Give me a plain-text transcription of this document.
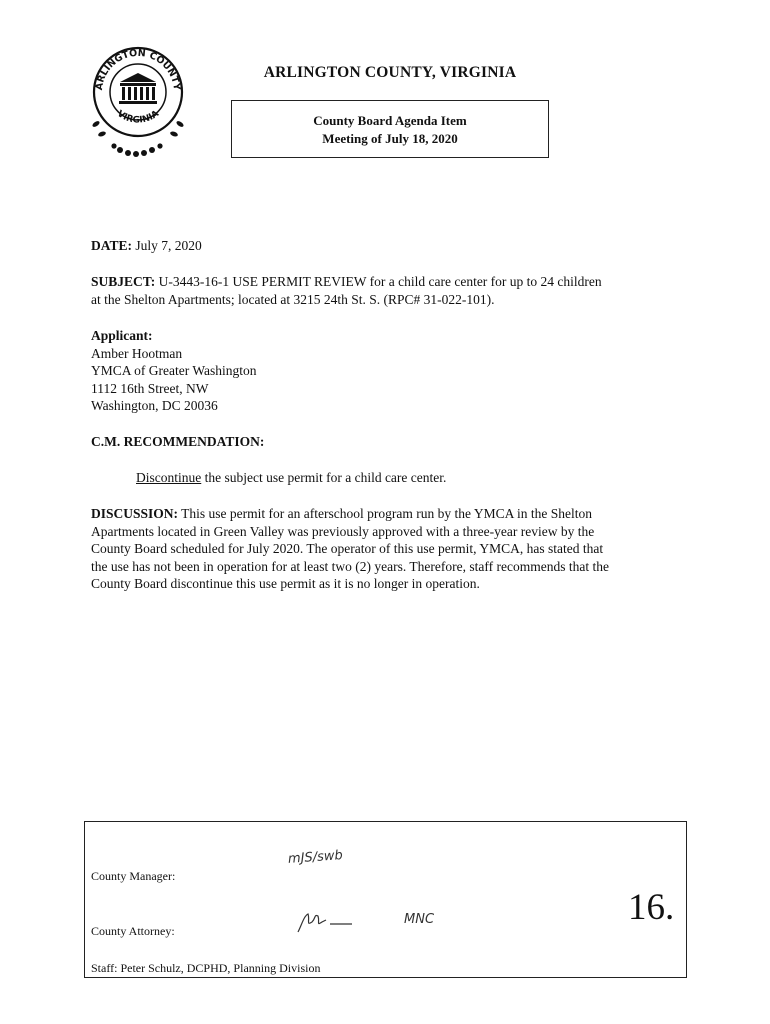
ARLINGTON COUNTY
VIRGINIA
ARLINGTON COUNTY, VIRGINIA
County Board Agenda Item
Meeting of July 18, 2020
DATE: July 7, 2020
SUBJECT: U-3443-16-1 USE PERMIT REVIEW for a child care center for up to 24 children
at the Shelton Apartments; located at 3215 24th St. S. (RPC# 31-022-101).
Applicant:
Amber Hootman
YMCA of Greater Washington
1112 16th Street, NW
Washington, DC 20036
C.M. RECOMMENDATION:
Discontinue the subject use permit for a child care center.
DISCUSSION: This use permit for an afterschool program run by the YMCA in the Shelton
Apartments located in Green Valley was previously approved with a three-year review by the
County Board scheduled for July 2020. The operator of this use permit, YMCA, has stated that
the use has not been in operation for at least two (2) years. Therefore, staff recommends that the
County Board discontinue this use permit as it is no longer in operation.
mJS/swb
County Manager:
MNC
County Attorney:
16.
Staff: Peter Schulz, DCPHD, Planning Division
